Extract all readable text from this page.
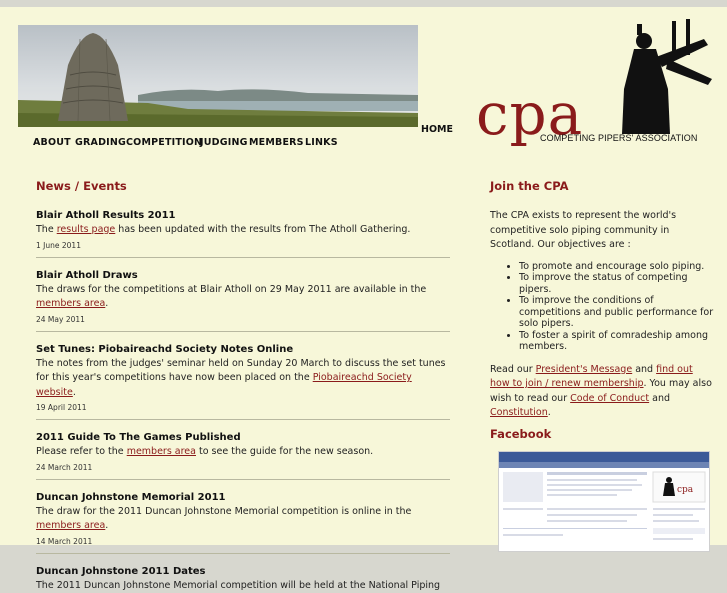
cpa
COMPETING PIPERS' ASSOCIATION
HOME
ABOUT GRADING COMPETITION
JUDGING MEMBERS LINKS
News / Events
Blair Atholl Results 2011
The results page has been updated with the results from The Atholl Gathering.
1 June 2011
Blair Atholl Draws
The draws for the competitions at Blair Atholl on 29 May 2011 are available in the members area.
24 May 2011
Set Tunes: Piobaireachd Society Notes Online
The notes from the judges' seminar held on Sunday 20 March to discuss the set tunes for this year's competitions have now been placed on the Piobaireachd Society website.
19 April 2011
2011 Guide To The Games Published
Please refer to the members area to see the guide for the new season.
24 March 2011
Duncan Johnstone Memorial 2011
The draw for the 2011 Duncan Johnstone Memorial competition is online in the members area.
14 March 2011
Duncan Johnstone 2011 Dates
The 2011 Duncan Johnstone Memorial competition will be held at the National Piping
Join the CPA
The CPA exists to represent the world's competitive solo piping community in Scotland. Our objectives are :
• To promote and encourage solo piping.
• To improve the status of competing pipers.
• To improve the conditions of competitions and public performance for solo pipers.
• To foster a spirit of comradeship among members.
Read our President's Message and find out how to join / renew membership. You may also wish to read our Code of Conduct and Constitution.
Facebook
cpa
